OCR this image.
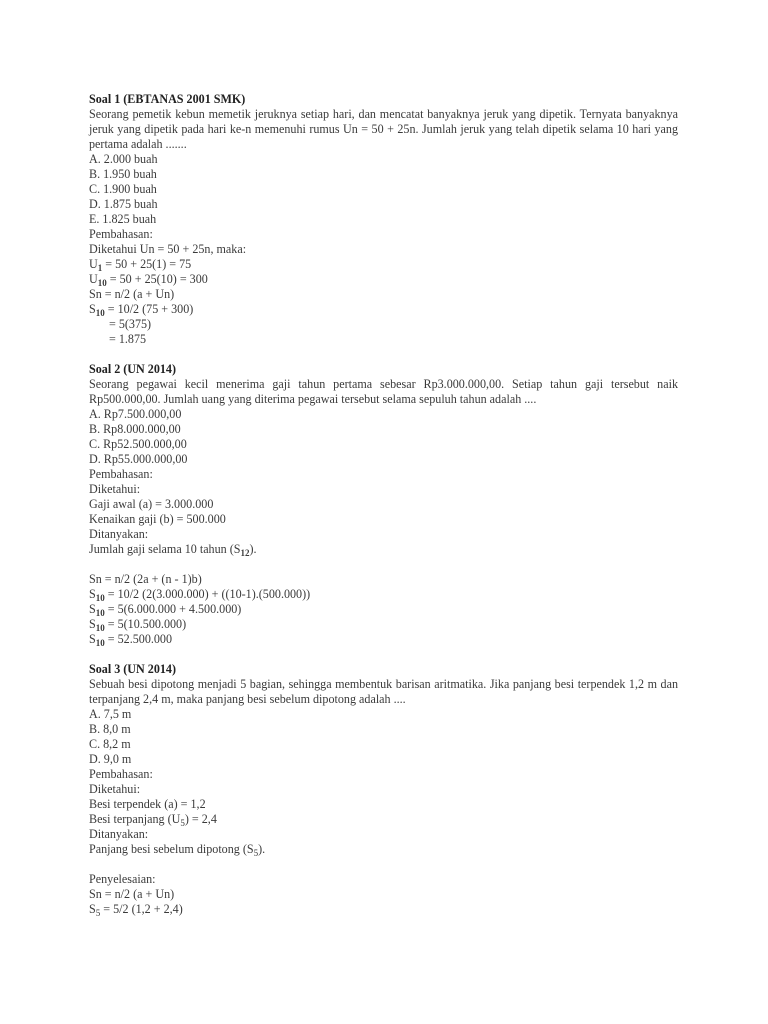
Soal 1 (EBTANAS 2001 SMK)
Seorang pemetik kebun memetik jeruknya setiap hari, dan mencatat banyaknya jeruk yang dipetik. Ternyata banyaknya jeruk yang dipetik pada hari ke-n memenuhi rumus Un = 50 + 25n. Jumlah jeruk yang telah dipetik selama 10 hari yang pertama adalah .......
A. 2.000 buah
B. 1.950 buah
C. 1.900 buah
D. 1.875 buah
E. 1.825 buah
Pembahasan:
Diketahui Un = 50 + 25n, maka:
$U_1 = 50 + 25(1) = 75$
$U_{10} = 50 + 25(10) = 300$
Sn = n/2 (a + Un)
$S_{10} = 10/2$ (75 + 300)
= 5(375)
= 1.875
Soal 2 (UN 2014)
Seorang pegawai kecil menerima gaji tahun pertama sebesar Rp3.000.000,00. Setiap tahun gaji tersebut naik Rp500.000,00. Jumlah uang yang diterima pegawai tersebut selama sepuluh tahun adalah ....
A. Rp7.500.000,00
B. Rp8.000.000,00
C. Rp52.500.000,00
D. Rp55.000.000,00
Pembahasan:
Diketahui:
Gaji awal (a) = 3.000.000
Kenaikan gaji (b) = 500.000
Ditanyakan:
Jumlah gaji selama 10 tahun $(S_{12})$.
Sn = n/2 (2a + (n - 1)b)
$S_{10} = 10/2$ (2(3.000.000) + ((10-1).(500.000))
$S_{10} = 5(6.000.000 + 4.500.000)$
$S_{10} = 5(10.500.000)$
$S_{10} = 52.500.000$
Soal 3 (UN 2014)
Sebuah besi dipotong menjadi 5 bagian, sehingga membentuk barisan aritmatika. Jika panjang besi terpendek 1,2 m dan terpanjang 2,4 m, maka panjang besi sebelum dipotong adalah ....
A. 7,5 m
B. 8,0 m
C. 8,2 m
D. 9,0 m
Pembahasan:
Diketahui:
Besi terpendek (a) = 1,2
Besi terpanjang $(U_5) = 2,4$
Ditanyakan:
Panjang besi sebelum dipotong $(S_5)$.
Penyelesaian:
Sn = n/2 (a + Un)
$S_5 = 5/2$ (1,2 + 2,4)
